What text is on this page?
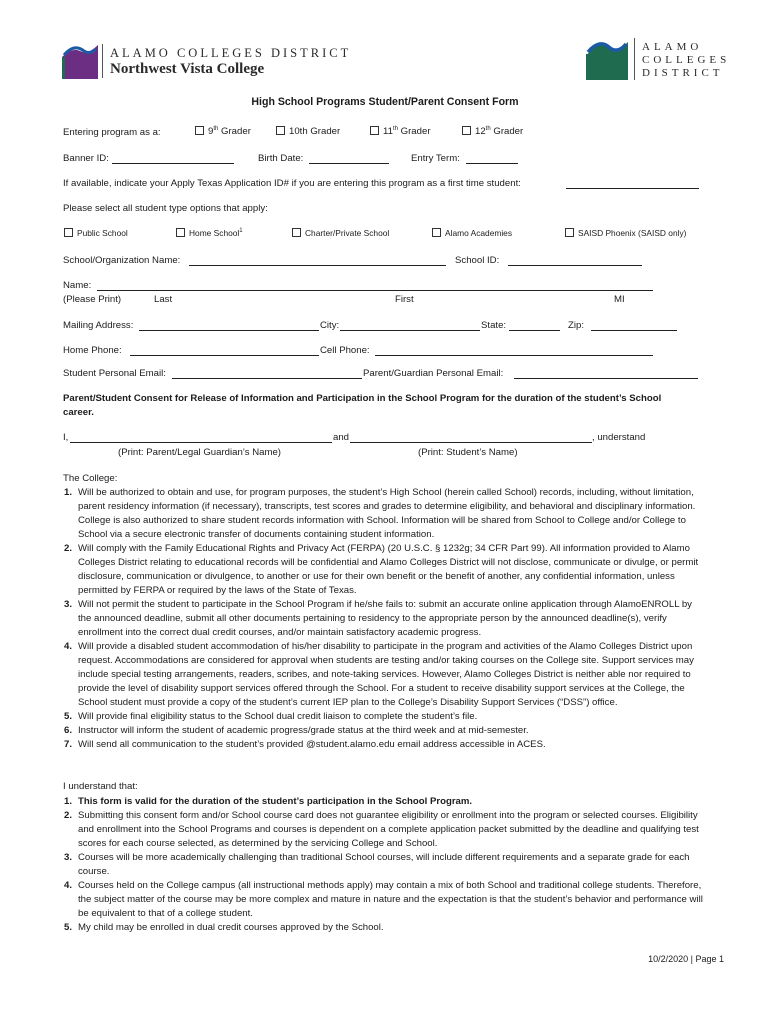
ALAMO COLLEGES DISTRICT
Northwest Vista College
ALAMO
COLLEGES
DISTRICT
High School Programs Student/Parent Consent Form
Entering program as a:	9th Grader	10th Grader	11th Grader	12th Grader
Banner ID:	Birth Date:	Entry Term:
If available, indicate your Apply Texas Application ID# if you are entering this program as a first time student:
Please select all student type options that apply:
Public School	Home School$^1$	Charter/Private School	Alamo Academies	SAISD Phoenix (SAISD only)
School/Organization Name:	School ID:
Name:
(Please Print)	Last	First	MI
Mailing Address:	City:	State:	Zip:
Home Phone:	Cell Phone:
Student Personal Email:	Parent/Guardian Personal Email:
Parent/Student Consent for Release of Information and Participation in the School Program for the duration of the student’s School
career.
I,	and	, understand
(Print: Parent/Legal Guardian’s Name)	(Print: Student’s Name)
The College:
1. Will be authorized to obtain and use, for program purposes, the student’s High School (herein called School) records, including, without limitation, parent residency information (if necessary), transcripts, test scores and grades to determine eligibility, and behavioral and disciplinary information. College is also authorized to share student records information with School. Information will be shared from School to College and/or College to School via a secure electronic transfer of documents containing student information.
2. Will comply with the Family Educational Rights and Privacy Act (FERPA) (20 U.S.C. § 1232g; 34 CFR Part 99). All information provided to Alamo Colleges District relating to educational records will be confidential and Alamo Colleges District will not disclose, communicate or divulge, or permit disclosure, communication or divulgence, to another or use for their own benefit or the benefit of another, any confidential information, unless permitted by FERPA or required by the laws of the State of Texas.
3. Will not permit the student to participate in the School Program if he/she fails to: submit an accurate online application through AlamoENROLL by the announced deadline, submit all other documents pertaining to residency to the appropriate person by the announced deadline(s), verify enrollment into the correct dual credit courses, and/or maintain satisfactory academic progress.
4. Will provide a disabled student accommodation of his/her disability to participate in the program and activities of the Alamo Colleges District upon request. Accommodations are considered for approval when students are testing and/or taking courses on the College site. Support services may include special testing arrangements, readers, scribes, and note-taking services. However, Alamo Colleges District is neither able nor required to provide the level of disability support services offered through the School. For a student to receive disability support services at the College, the School student must provide a copy of the student’s current IEP plan to the College’s Disability Support Services (“DSS”) office.
5. Will provide final eligibility status to the School dual credit liaison to complete the student’s file.
6. Instructor will inform the student of academic progress/grade status at the third week and at mid-semester.
7. Will send all communication to the student’s provided @student.alamo.edu email address accessible in ACES.
I understand that:
1. This form is valid for the duration of the student’s participation in the School Program.
2. Submitting this consent form and/or School course card does not guarantee eligibility or enrollment into the program or selected courses. Eligibility and enrollment into the School Programs and courses is dependent on a complete application packet submitted by the deadline and qualifying test scores for each course selected, as determined by the servicing College and School.
3. Courses will be more academically challenging than traditional School courses, will include different requirements and a separate grade for each course.
4. Courses held on the College campus (all instructional methods apply) may contain a mix of both School and traditional college students. Therefore, the subject matter of the course may be more complex and mature in nature and the expectation is that the student’s behavior and performance will be equivalent to that of a college student.
5. My child may be enrolled in dual credit courses approved by the School.
10/2/2020 | Page 1
